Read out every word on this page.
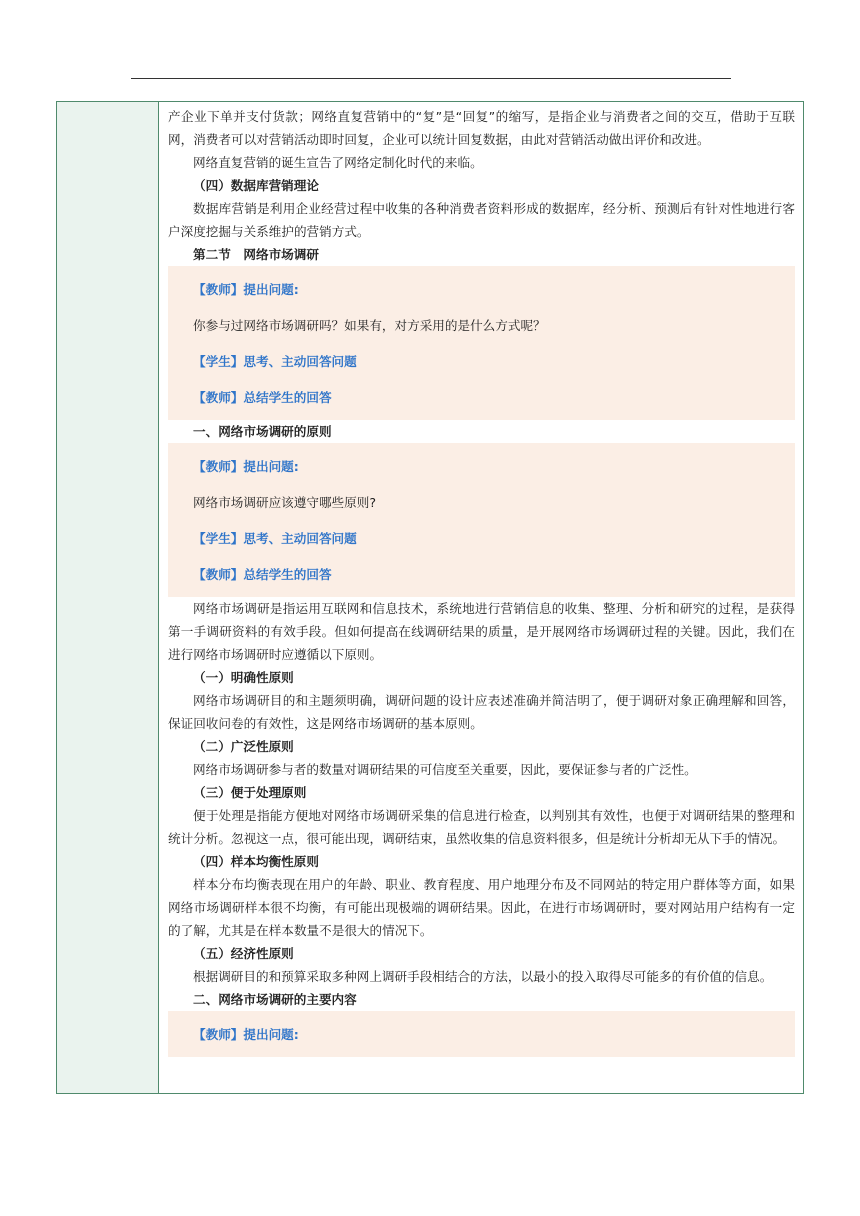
产企业下单并支付货款；网络直复营销中的“复”是“回复”的缩写，是指企业与消费者之间的交互，借助于互联网，消费者可以对营销活动即时回复，企业可以统计回复数据，由此对营销活动做出评价和改进。

网络直复营销的诞生宣告了网络定制化时代的来临。

（四）数据库营销理论

数据库营销是利用企业经营过程中收集的各种消费者资料形成的数据库，经分析、预测后有针对性地进行客户深度挖掘与关系维护的营销方式。

第二节　网络市场调研

【教师】提出问题:

你参与过网络市场调研吗？如果有，对方采用的是什么方式呢？

【学生】思考、主动回答问题

【教师】总结学生的回答

一、网络市场调研的原则

【教师】提出问题:

网络市场调研应该遵守哪些原则?

【学生】思考、主动回答问题

【教师】总结学生的回答

网络市场调研是指运用互联网和信息技术，系统地进行营销信息的收集、整理、分析和研究的过程，是获得第一手调研资料的有效手段。但如何提高在线调研结果的质量，是开展网络市场调研过程的关键。因此，我们在进行网络市场调研时应遵循以下原则。

（一）明确性原则

网络市场调研目的和主题须明确，调研问题的设计应表述准确并简洁明了，便于调研对象正确理解和回答，保证回收问卷的有效性，这是网络市场调研的基本原则。

（二）广泛性原则

网络市场调研参与者的数量对调研结果的可信度至关重要，因此，要保证参与者的广泛性。

（三）便于处理原则

便于处理是指能方便地对网络市场调研采集的信息进行检查，以判别其有效性，也便于对调研结果的整理和统计分析。忽视这一点，很可能出现，调研结束，虽然收集的信息资料很多，但是统计分析却无从下手的情况。

（四）样本均衡性原则

样本分布均衡表现在用户的年龄、职业、教育程度、用户地理分布及不同网站的特定用户群体等方面，如果网络市场调研样本很不均衡，有可能出现极端的调研结果。因此，在进行市场调研时，要对网站用户结构有一定的了解，尤其是在样本数量不是很大的情况下。

（五）经济性原则

根据调研目的和预算采取多种网上调研手段相结合的方法，以最小的投入取得尽可能多的有价值的信息。

二、网络市场调研的主要内容

【教师】提出问题:
